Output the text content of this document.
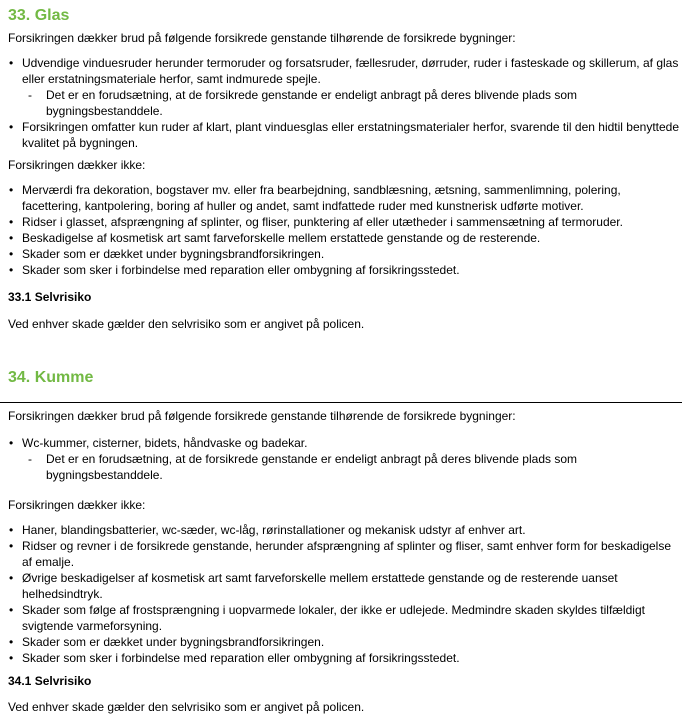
33. Glas

Forsikringen dækker brud på følgende forsikrede genstande tilhørende de forsikrede bygninger:

• Udvendige vinduesruder herunder termoruder og forsatsruder, fællesruder, dørruder, ruder i fasteskade og skillerum, af glas eller erstatningsmateriale herfor, samt indmurede spejle.
- Det er en forudsætning, at de forsikrede genstande er endeligt anbragt på deres blivende plads som bygningsbestanddele.
• Forsikringen omfatter kun ruder af klart, plant vinduesglas eller erstatningsmaterialer herfor, svarende til den hidtil benyttede kvalitet på bygningen.

Forsikringen dækker ikke:

• Merværdi fra dekoration, bogstaver mv. eller fra bearbejdning, sandblæsning, ætsning, sammenlimning, polering, facettering, kantpolering, boring af huller og andet, samt indfattede ruder med kunstnerisk udførte motiver.
• Ridser i glasset, afsprængning af splinter, og fliser, punktering af eller utætheder i sammensætning af termoruder.
• Beskadigelse af kosmetisk art samt farveforskelle mellem erstattede genstande og de resterende.
• Skader som er dækket under bygningsbrandforsikringen.
• Skader som sker i forbindelse med reparation eller ombygning af forsikringsstedet.
33.1 Selvrisiko

Ved enhver skade gælder den selvrisiko som er angivet på policen.

34. Kumme

Forsikringen dækker brud på følgende forsikrede genstande tilhørende de forsikrede bygninger:

• Wc-kummer, cisterner, bidets, håndvaske og badekar.
- Det er en forudsætning, at de forsikrede genstande er endeligt anbragt på deres blivende plads som bygningsbestanddele.

Forsikringen dækker ikke:

• Haner, blandingsbatterier, wc-sæder, wc-låg, rørinstallationer og mekanisk udstyr af enhver art.
• Ridser og revner i de forsikrede genstande, herunder afsprængning af splinter og fliser, samt enhver form for beskadigelse af emalje.
• Øvrige beskadigelser af kosmetisk art samt farveforskelle mellem erstattede genstande og de resterende uanset helhedsindtryk.
• Skader som følge af frostsprængning i uopvarmede lokaler, der ikke er udlejede. Medmindre skaden skyldes tilfældigt svigtende varmeforsyning.
• Skader som er dækket under bygningsbrandforsikringen.
• Skader som sker i forbindelse med reparation eller ombygning af forsikringsstedet.
34.1 Selvrisiko

Ved enhver skade gælder den selvrisiko som er angivet på policen.
